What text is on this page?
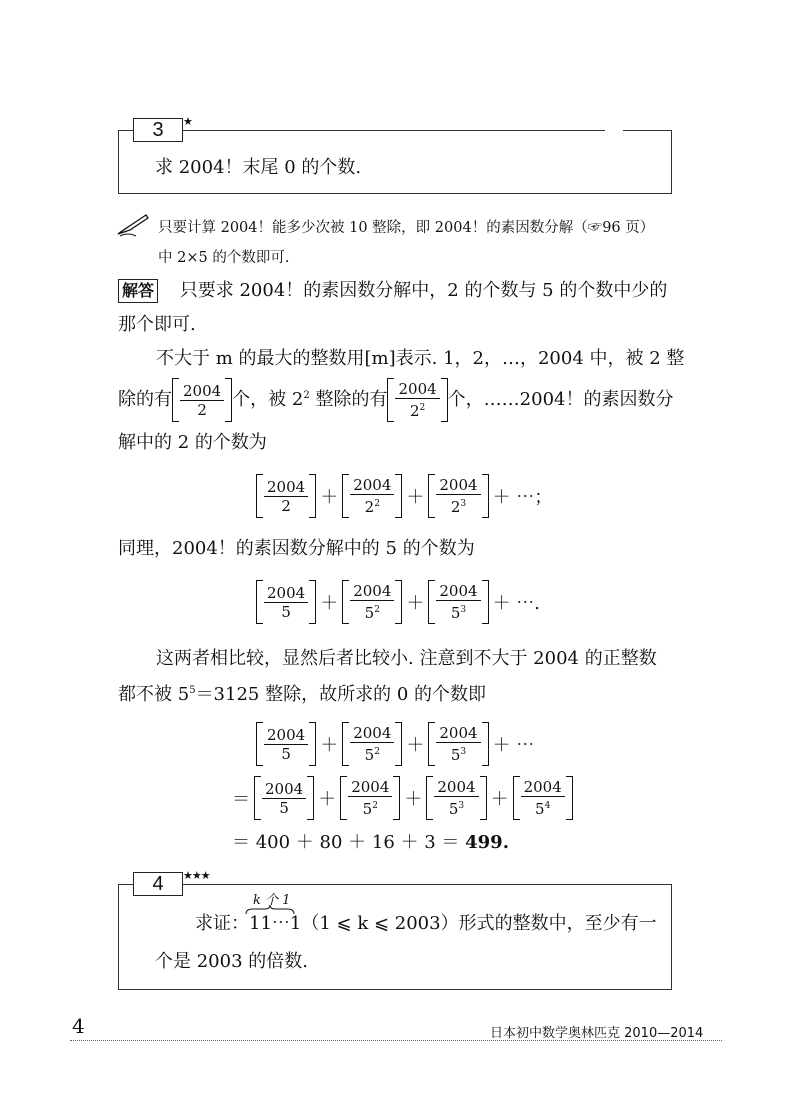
3	★
求 2004！末尾 0 的个数.
只要计算 2004！能多少次被 10 整除，即 2004！的素因数分解（☞96 页）
中 2×5 的个数即可.
解答 只要求 2004！的素因数分解中，2 的个数与 5 的个数中少的
那个即可.
不大于 m 的最大的整数用[m]表示. 1，2，…，2004 中，被 2 整
除的有 $\frac{2004}{2}$ 个，被 $2^2$ 整除的有 $\frac{2004}{2^2}$ 个，……2004！的素因数分
解中的 2 的个数为
$\frac{2004}{2} + \frac{2004}{2^2} + \frac{2004}{2^3}$ ＋ ⋯；
同理，2004！的素因数分解中的 5 的个数为
$\frac{2004}{5} + \frac{2004}{5^2} + \frac{2004}{5^3}$ ＋ ⋯.
这两者相比较，显然后者比较小. 注意到不大于 2004 的正整数
都不被 $5^5=3125$ 整除，故所求的 0 的个数即
$\frac{2004}{5} + \frac{2004}{5^2} + \frac{2004}{5^3}$ ＋ ⋯
＝ $\frac{2004}{5} + \frac{2004}{5^2} + \frac{2004}{5^3} + \frac{2004}{5^4}$
＝ 400 ＋ 80 ＋ 16 ＋ 3 ＝ 499.
4	★★★
k 个 1
求证：11⋯1（1 ⩽ k ⩽ 2003）形式的整数中，至少有一
个是 2003 的倍数.
4	日本初中数学奥林匹克 2010—2014
